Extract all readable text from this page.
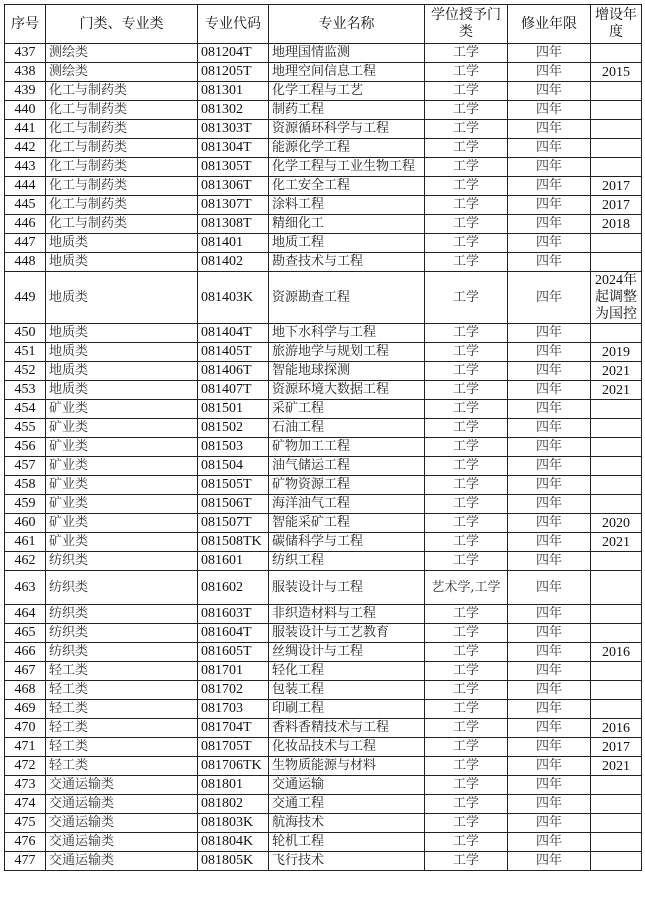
序号	门类、专业类	专业代码	专业名称	学位授予门类	修业年限	增设年度
437	测绘类	081204T	地理国情监测	工学	四年	
438	测绘类	081205T	地理空间信息工程	工学	四年	2015
439	化工与制药类	081301	化学工程与工艺	工学	四年	
440	化工与制药类	081302	制药工程	工学	四年	
441	化工与制药类	081303T	资源循环科学与工程	工学	四年	
442	化工与制药类	081304T	能源化学工程	工学	四年	
443	化工与制药类	081305T	化学工程与工业生物工程	工学	四年	
444	化工与制药类	081306T	化工安全工程	工学	四年	2017
445	化工与制药类	081307T	涂料工程	工学	四年	2017
446	化工与制药类	081308T	精细化工	工学	四年	2018
447	地质类	081401	地质工程	工学	四年	
448	地质类	081402	勘查技术与工程	工学	四年	
449	地质类	081403K	资源勘查工程	工学	四年	2024年起调整为国控
450	地质类	081404T	地下水科学与工程	工学	四年	
451	地质类	081405T	旅游地学与规划工程	工学	四年	2019
452	地质类	081406T	智能地球探测	工学	四年	2021
453	地质类	081407T	资源环境大数据工程	工学	四年	2021
454	矿业类	081501	采矿工程	工学	四年	
455	矿业类	081502	石油工程	工学	四年	
456	矿业类	081503	矿物加工工程	工学	四年	
457	矿业类	081504	油气储运工程	工学	四年	
458	矿业类	081505T	矿物资源工程	工学	四年	
459	矿业类	081506T	海洋油气工程	工学	四年	
460	矿业类	081507T	智能采矿工程	工学	四年	2020
461	矿业类	081508TK	碳储科学与工程	工学	四年	2021
462	纺织类	081601	纺织工程	工学	四年	
463	纺织类	081602	服装设计与工程	艺术学,工学	四年	
464	纺织类	081603T	非织造材料与工程	工学	四年	
465	纺织类	081604T	服装设计与工艺教育	工学	四年	
466	纺织类	081605T	丝绸设计与工程	工学	四年	2016
467	轻工类	081701	轻化工程	工学	四年	
468	轻工类	081702	包装工程	工学	四年	
469	轻工类	081703	印刷工程	工学	四年	
470	轻工类	081704T	香料香精技术与工程	工学	四年	2016
471	轻工类	081705T	化妆品技术与工程	工学	四年	2017
472	轻工类	081706TK	生物质能源与材料	工学	四年	2021
473	交通运输类	081801	交通运输	工学	四年	
474	交通运输类	081802	交通工程	工学	四年	
475	交通运输类	081803K	航海技术	工学	四年	
476	交通运输类	081804K	轮机工程	工学	四年	
477	交通运输类	081805K	飞行技术	工学	四年	
